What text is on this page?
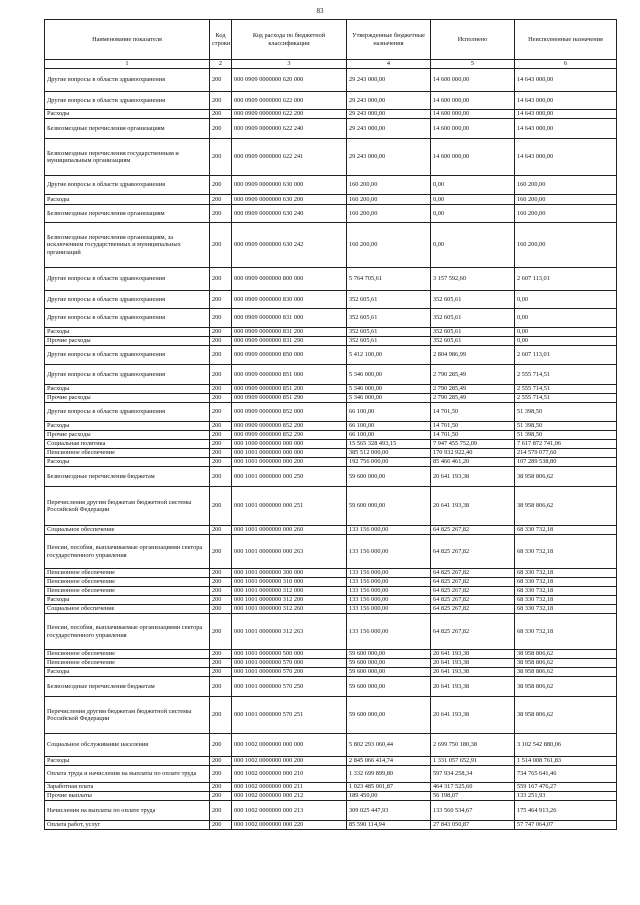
83
Наименование показателя	Код строки	Код расхода по бюджетной классификации	Утвержденные бюджетные назначения	Исполнено	Неисполненные назначения
1	2	3	4	5	6
Другие вопросы в области здравоохранения	200	000 0909 0000000 620 000	29 243 000,00	14 600 000,00	14 643 000,00
Другие вопросы в области здравоохранения	200	000 0909 0000000 622 000	29 243 000,00	14 600 000,00	14 643 000,00
Расходы	200	000 0909 0000000 622 200	29 243 000,00	14 600 000,00	14 643 000,00
Безвозмездные перечисления организациям	200	000 0909 0000000 622 240	29 243 000,00	14 600 000,00	14 643 000,00
Безвозмездные перечисления государственным и муниципальным организациям	200	000 0909 0000000 622 241	29 243 000,00	14 600 000,00	14 643 000,00
Другие вопросы в области здравоохранения	200	000 0909 0000000 630 000	160 200,00	0,00	160 200,00
Расходы	200	000 0909 0000000 630 200	160 200,00	0,00	160 200,00
Безвозмездные перечисления организациям	200	000 0909 0000000 630 240	160 200,00	0,00	160 200,00
Безвозмездные перечисления организациям, за исключением государственных и муниципальных организаций	200	000 0909 0000000 630 242	160 200,00	0,00	160 200,00
Другие вопросы в области здравоохранения	200	000 0909 0000000 800 000	5 764 705,61	3 157 592,60	2 607 113,01
Другие вопросы в области здравоохранения	200	000 0909 0000000 830 000	352 605,61	352 605,61	0,00
Другие вопросы в области здравоохранения	200	000 0909 0000000 831 000	352 605,61	352 605,61	0,00
Расходы	200	000 0909 0000000 831 200	352 605,61	352 605,61	0,00
Прочие расходы	200	000 0909 0000000 831 290	352 605,61	352 605,61	0,00
Другие вопросы в области здравоохранения	200	000 0909 0000000 850 000	5 412 100,00	2 804 986,99	2 607 113,01
Другие вопросы в области здравоохранения	200	000 0909 0000000 851 000	5 346 000,00	2 790 285,49	2 555 714,51
Расходы	200	000 0909 0000000 851 200	5 346 000,00	2 790 285,49	2 555 714,51
Прочие расходы	200	000 0909 0000000 851 290	5 346 000,00	2 790 285,49	2 555 714,51
Другие вопросы в области здравоохранения	200	000 0909 0000000 852 000	66 100,00	14 701,50	51 398,50
Расходы	200	000 0909 0000000 852 200	66 100,00	14 701,50	51 398,50
Прочие расходы	200	000 0909 0000000 852 290	66 100,00	14 701,50	51 398,50
Социальная политика	200	000 1000 0000000 000 000	15 565 328 493,15	7 947 455 752,09	7 617 872 741,06
Пенсионное обеспечение	200	000 1001 0000000 000 000	385 512 000,00	170 932 922,40	214 579 077,60
Расходы	200	000 1001 0000000 000 200	192 756 000,00	85 466 461,20	107 289 538,80
Безвозмездные перечисления бюджетам	200	000 1001 0000000 000 250	59 600 000,00	20 641 193,38	38 958 806,62
Перечисления другим бюджетам бюджетной системы Российской Федерации	200	000 1001 0000000 000 251	59 600 000,00	20 641 193,38	38 958 806,62
Социальное обеспечение	200	000 1001 0000000 000 260	133 156 000,00	64 825 267,82	68 330 732,18
Пенсии, пособия, выплачиваемые организациями сектора государственного управления	200	000 1001 0000000 000 263	133 156 000,00	64 825 267,82	68 330 732,18
Пенсионное обеспечение	200	000 1001 0000000 300 000	133 156 000,00	64 825 267,82	68 330 732,18
Пенсионное обеспечение	200	000 1001 0000000 310 000	133 156 000,00	64 825 267,82	68 330 732,18
Пенсионное обеспечение	200	000 1001 0000000 312 000	133 156 000,00	64 825 267,82	68 330 732,18
Расходы	200	000 1001 0000000 312 200	133 156 000,00	64 825 267,82	68 330 732,18
Социальное обеспечение	200	000 1001 0000000 312 260	133 156 000,00	64 825 267,82	68 330 732,18
Пенсии, пособия, выплачиваемые организациями сектора государственного управления	200	000 1001 0000000 312 263	133 156 000,00	64 825 267,82	68 330 732,18
Пенсионное обеспечение	200	000 1001 0000000 500 000	59 600 000,00	20 641 193,38	38 958 806,62
Пенсионное обеспечение	200	000 1001 0000000 570 000	59 600 000,00	20 641 193,38	38 958 806,62
Расходы	200	000 1001 0000000 570 200	59 600 000,00	20 641 193,38	38 958 806,62
Безвозмездные перечисления бюджетам	200	000 1001 0000000 570 250	59 600 000,00	20 641 193,38	38 958 806,62
Перечисления другим бюджетам бюджетной системы Российской Федерации	200	000 1001 0000000 570 251	59 600 000,00	20 641 193,38	38 958 806,62
Социальное обслуживание населения	200	000 1002 0000000 000 000	5 802 293 060,44	2 699 750 180,38	3 102 542 880,06
Расходы	200	000 1002 0000000 000 200	2 845 066 414,74	1 331 057 652,91	1 514 008 761,83
Оплата труда и начисления на выплаты по оплате труда	200	000 1002 0000000 000 210	1 332 699 899,80	597 934 258,34	734 765 641,46
Заработная плата	200	000 1002 0000000 000 211	1 023 485 001,87	464 317 525,60	559 167 476,27
Прочие выплаты	200	000 1002 0000000 000 212	189 450,00	56 198,07	133 251,93
Начисления на выплаты по оплате труда	200	000 1002 0000000 000 213	309 025 447,93	133 560 534,67	175 464 913,26
Оплата работ, услуг	200	000 1002 0000000 000 220	85 590 114,94	27 843 050,87	57 747 064,07
